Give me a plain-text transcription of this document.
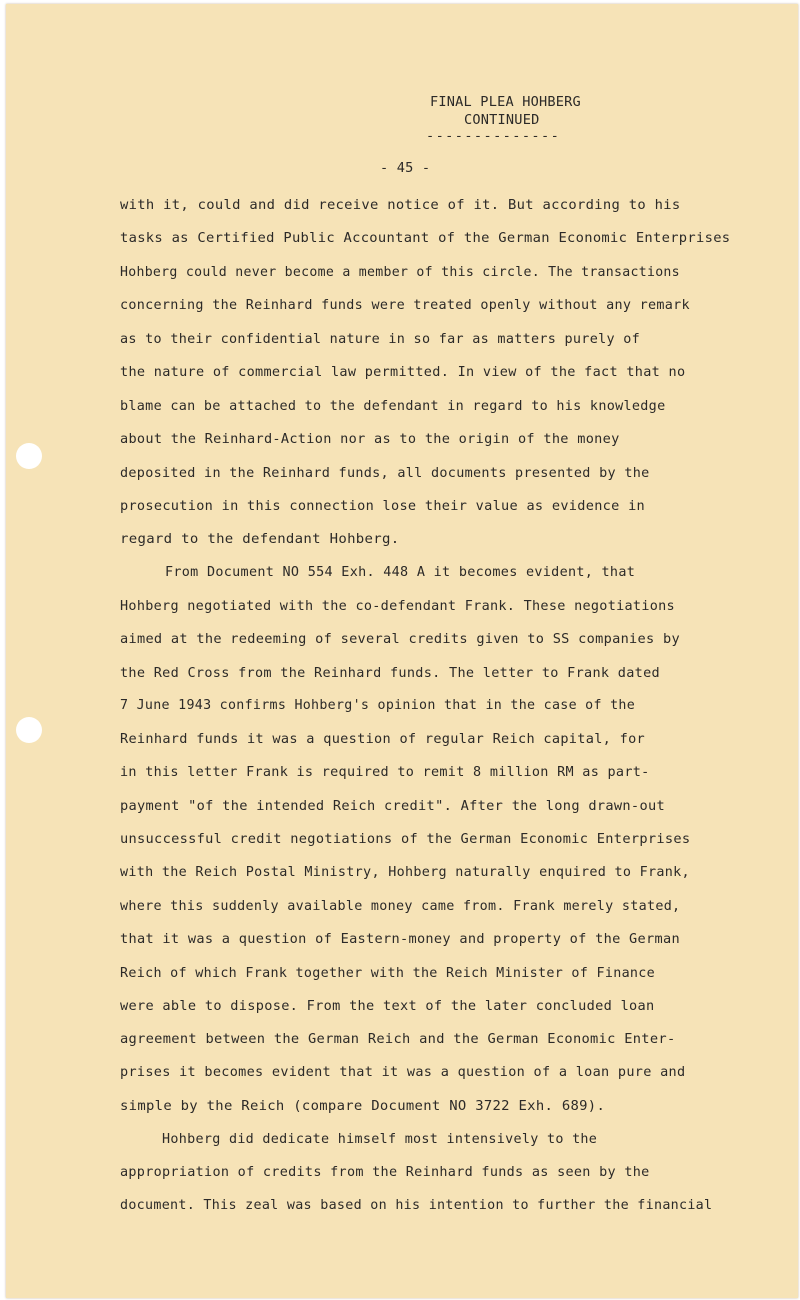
FINAL PLEA HOHBERG
CONTINUED
--------------
- 45 -
with it, could and did receive notice of it. But according to his
tasks as Certified Public Accountant of the German Economic Enterprises
Hohberg could never become a member of this circle. The transactions
concerning the Reinhard funds were treated openly without any remark
as to their confidential nature in so far as matters purely of
the nature of commercial law permitted. In view of the fact that no
blame can be attached to the defendant in regard to his knowledge
about the Reinhard-Action nor as to the origin of the money
deposited in the Reinhard funds, all documents presented by the
prosecution in this connection lose their value as evidence in
regard to the defendant Hohberg.
From Document NO 554 Exh. 448 A it becomes evident, that
Hohberg negotiated with the co-defendant Frank. These negotiations
aimed at the redeeming of several credits given to SS companies by
the Red Cross from the Reinhard funds. The letter to Frank dated
7 June 1943 confirms Hohberg's opinion that in the case of the
Reinhard funds it was a question of regular Reich capital, for
in this letter Frank is required to remit 8 million RM as part-
payment "of the intended Reich credit". After the long drawn-out
unsuccessful credit negotiations of the German Economic Enterprises
with the Reich Postal Ministry, Hohberg naturally enquired to Frank,
where this suddenly available money came from. Frank merely stated,
that it was a question of Eastern-money and property of the German
Reich of which Frank together with the Reich Minister of Finance
were able to dispose. From the text of the later concluded loan
agreement between the German Reich and the German Economic Enter-
prises it becomes evident that it was a question of a loan pure and
simple by the Reich (compare Document NO 3722 Exh. 689).
Hohberg did dedicate himself most intensively to the
appropriation of credits from the Reinhard funds as seen by the
document. This zeal was based on his intention to further the financial
